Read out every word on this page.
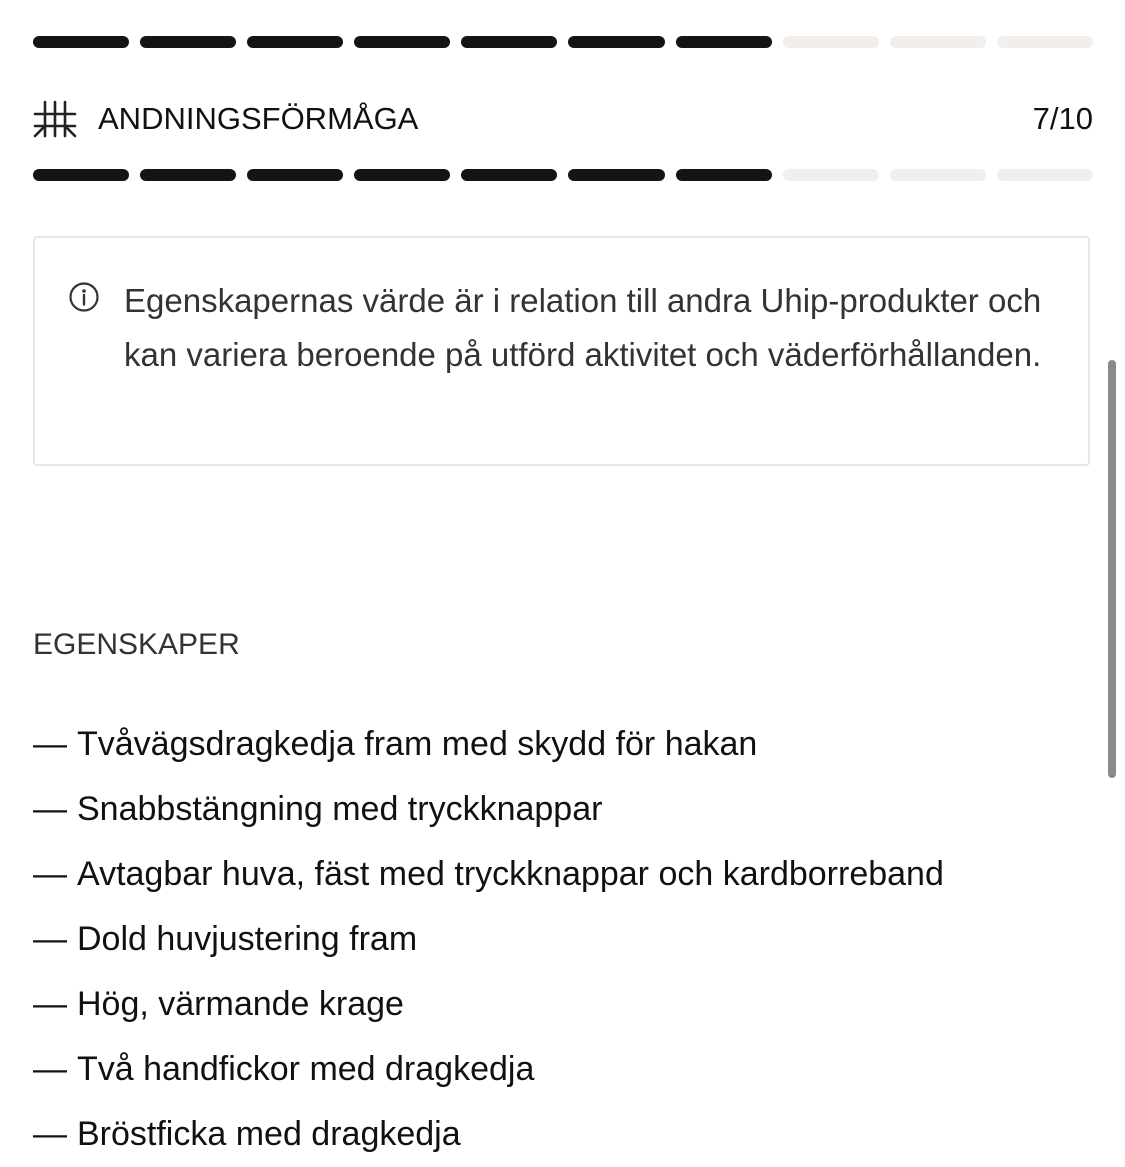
ANDNINGSFÖRMÅGA	7/10
Egenskapernas värde är i relation till andra Uhip-produkter och kan variera beroende på utförd aktivitet och väderförhållanden.
EGENSKAPER
— Tvåvägsdragkedja fram med skydd för hakan
— Snabbstängning med tryckknappar
— Avtagbar huva, fäst med tryckknappar och kardborreband
— Dold huvjustering fram
— Hög, värmande krage
— Två handfickor med dragkedja
— Bröstficka med dragkedja
